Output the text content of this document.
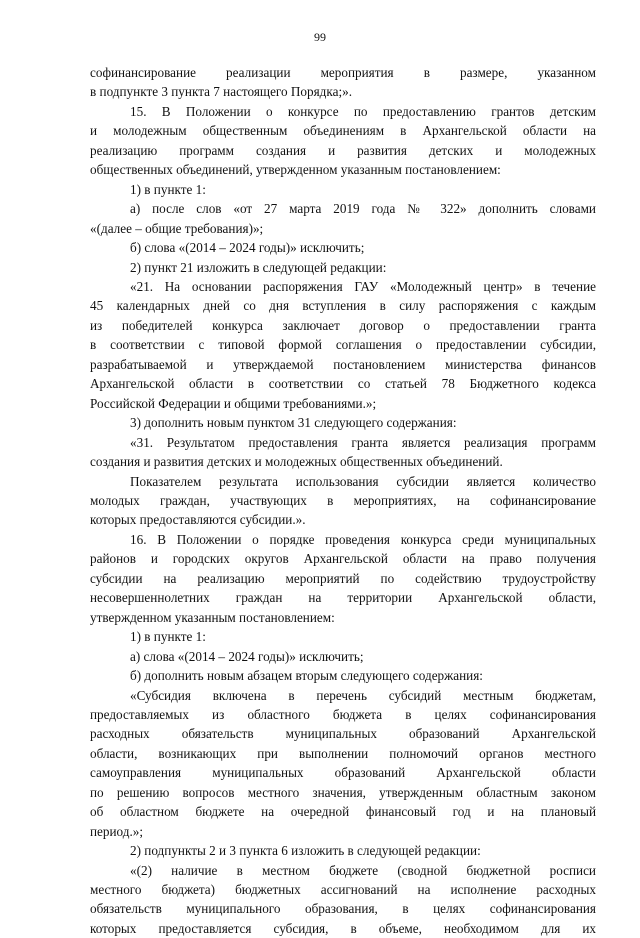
99

софинансирование реализации мероприятия в размере, указанном

в подпункте 3 пункта 7 настоящего Порядка;».

15. В Положении о конкурсе по предоставлению грантов детским

и молодежным общественным объединениям в Архангельской области на

реализацию программ создания и развития детских и молодежных

общественных объединений, утвержденном указанным постановлением:

1) в пункте 1:

а) после слов «от 27 марта 2019 года № 322» дополнить словами

«(далее – общие требования)»;

б) слова «(2014 – 2024 годы)» исключить;

2) пункт 21 изложить в следующей редакции:

«21. На основании распоряжения ГАУ «Молодежный центр» в течение

45 календарных дней со дня вступления в силу распоряжения с каждым

из победителей конкурса заключает договор о предоставлении гранта

в соответствии с типовой формой соглашения о предоставлении субсидии,

разрабатываемой и утверждаемой постановлением министерства финансов

Архангельской области в соответствии со статьей 78 Бюджетного кодекса

Российской Федерации и общими требованиями.»;

3) дополнить новым пунктом 31 следующего содержания:

«31. Результатом предоставления гранта является реализация программ

создания и развития детских и молодежных общественных объединений.

Показателем результата использования субсидии является количество

молодых граждан, участвующих в мероприятиях, на софинансирование

которых предоставляются субсидии.».

16. В Положении о порядке проведения конкурса среди муниципальных

районов и городских округов Архангельской области на право получения

субсидии на реализацию мероприятий по содействию трудоустройству

несовершеннолетних граждан на территории Архангельской области,

утвержденном указанным постановлением:

1) в пункте 1:

а) слова «(2014 – 2024 годы)» исключить;

б) дополнить новым абзацем вторым следующего содержания:

«Субсидия включена в перечень субсидий местным бюджетам,

предоставляемых из областного бюджета в целях софинансирования

расходных обязательств муниципальных образований Архангельской

области, возникающих при выполнении полномочий органов местного

самоуправления муниципальных образований Архангельской области

по решению вопросов местного значения, утвержденным областным законом

об областном бюджете на очередной финансовый год и на плановый

период.»;

2) подпункты 2 и 3 пункта 6 изложить в следующей редакции:

«(2) наличие в местном бюджете (сводной бюджетной росписи

местного бюджета) бюджетных ассигнований на исполнение расходных

обязательств муниципального образования, в целях софинансирования

которых предоставляется субсидия, в объеме, необходимом для их
